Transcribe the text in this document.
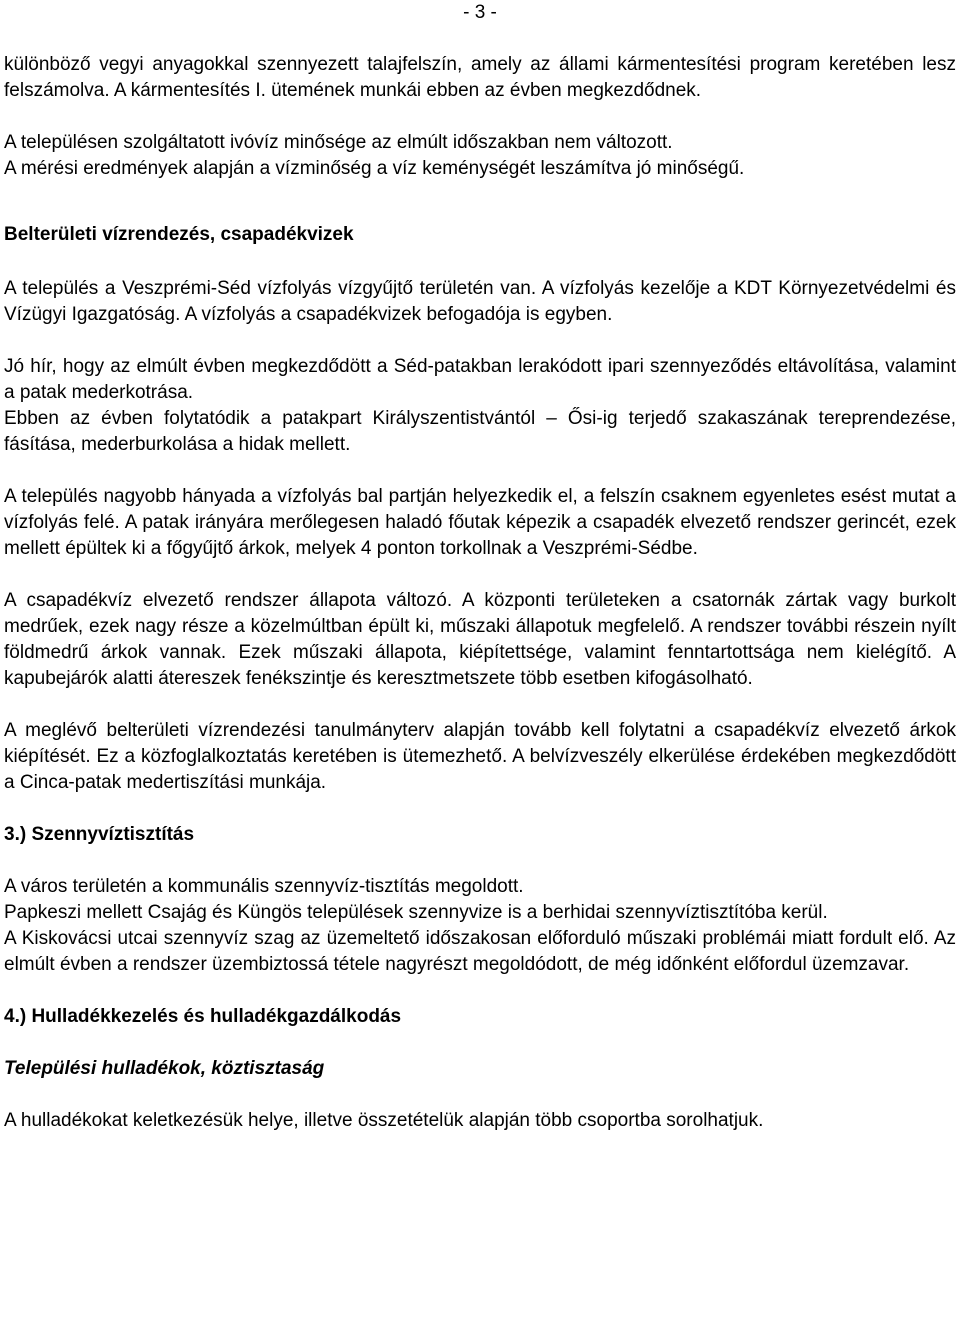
- 3 -

különböző vegyi anyagokkal szennyezett talajfelszín, amely az állami kármentesítési program keretében lesz felszámolva. A kármentesítés I. ütemének munkái ebben az évben megkezdődnek.

A településen szolgáltatott ivóvíz minősége az elmúlt időszakban nem változott.

A mérési eredmények alapján a vízminőség a víz keménységét leszámítva jó minőségű.

Belterületi vízrendezés, csapadékvizek

A település a Veszprémi-Séd vízfolyás vízgyűjtő területén van. A vízfolyás kezelője a KDT Környezetvédelmi és Vízügyi Igazgatóság. A vízfolyás a csapadékvizek befogadója is egyben.

Jó hír, hogy az elmúlt évben megkezdődött a Séd-patakban lerakódott ipari szennyeződés eltávolítása, valamint a patak mederkotrása.

Ebben az évben folytatódik a patakpart Királyszentistvántól – Ősi-ig terjedő szakaszának tereprendezése, fásítása, mederburkolása a hidak mellett.

A település nagyobb hányada a vízfolyás bal partján helyezkedik el, a felszín csaknem egyenletes esést mutat a vízfolyás felé. A patak irányára merőlegesen haladó főutak képezik a csapadék elvezető rendszer gerincét, ezek mellett épültek ki a főgyűjtő árkok, melyek 4 ponton torkollnak a Veszprémi-Sédbe.

A csapadékvíz elvezető rendszer állapota változó. A központi területeken a csatornák zártak vagy burkolt medrűek, ezek nagy része a közelmúltban épült ki, műszaki állapotuk megfelelő. A rendszer további részein nyílt földmedrű árkok vannak. Ezek műszaki állapota, kiépítettsége, valamint fenntartottsága nem kielégítő. A kapubejárók alatti átereszek fenékszintje és keresztmetszete több esetben kifogásolható.

A meglévő belterületi vízrendezési tanulmányterv alapján tovább kell folytatni a csapadékvíz elvezető árkok kiépítését. Ez a közfoglalkoztatás keretében is ütemezhető. A belvízveszély elkerülése érdekében megkezdődött a Cinca-patak medertiszítási munkája.

3.) Szennyvíztisztítás

A város területén a kommunális szennyvíz-tisztítás megoldott.

Papkeszi mellett Csajág és Küngös települések szennyvize is a berhidai szennyvíztisztítóba kerül.

A Kiskovácsi utcai szennyvíz szag az üzemeltető időszakosan előforduló műszaki problémái miatt fordult elő. Az elmúlt évben a rendszer üzembiztossá tétele nagyrészt megoldódott, de még időnként előfordul üzemzavar.

4.) Hulladékkezelés és hulladékgazdálkodás

Települési hulladékok, köztisztaság

A hulladékokat keletkezésük helye, illetve összetételük alapján több csoportba sorolhatjuk.
